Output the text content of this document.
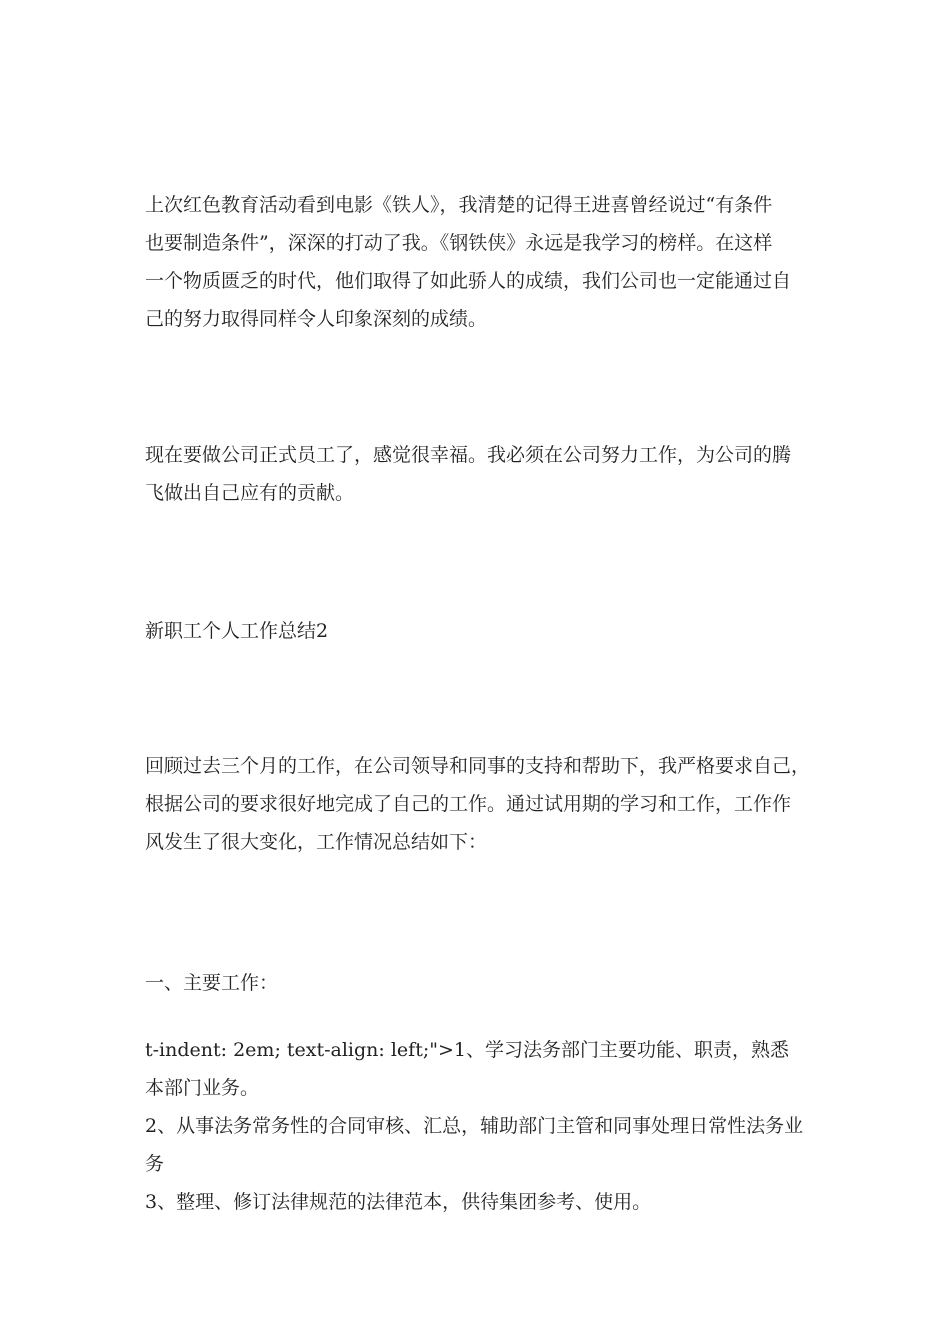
上次红色教育活动看到电影《铁人》，我清楚的记得王进喜曾经说过“有条件
也要制造条件”，深深的打动了我。《钢铁侠》永远是我学习的榜样。在这样
一个物质匮乏的时代，他们取得了如此骄人的成绩，我们公司也一定能通过自
己的努力取得同样令人印象深刻的成绩。
现在要做公司正式员工了，感觉很幸福。我必须在公司努力工作，为公司的腾
飞做出自己应有的贡献。
新职工个人工作总结2
回顾过去三个月的工作，在公司领导和同事的支持和帮助下，我严格要求自己，
根据公司的要求很好地完成了自己的工作。通过试用期的学习和工作，工作作
风发生了很大变化，工作情况总结如下：
一、主要工作：
t-indent: 2em; text-align: left;">1、学习法务部门主要功能、职责，熟悉
本部门业务。
2、从事法务常务性的合同审核、汇总，辅助部门主管和同事处理日常性法务业
务
3、整理、修订法律规范的法律范本，供待集团参考、使用。
